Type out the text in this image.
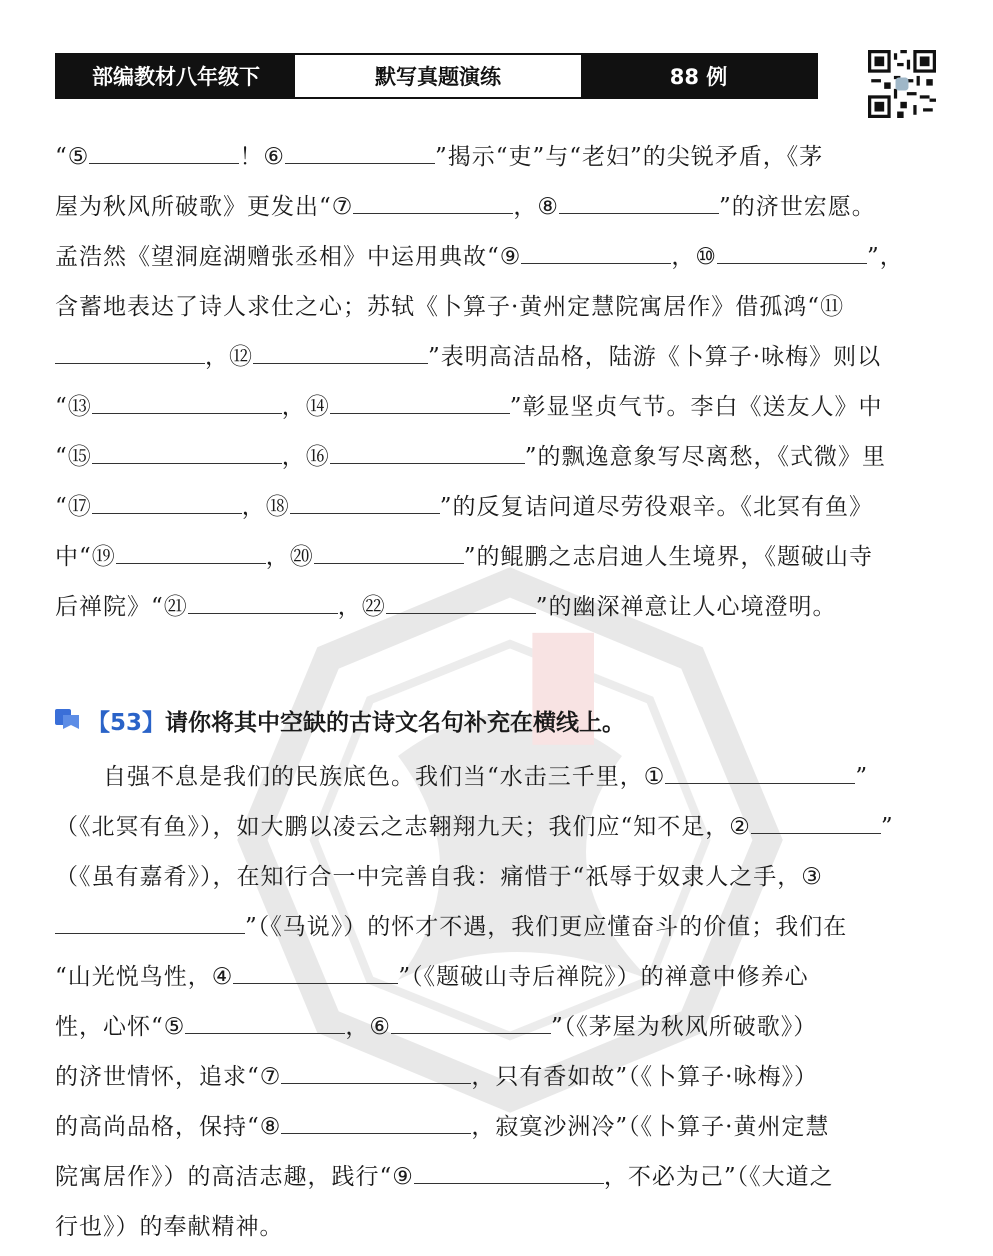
部编教材八年级下	默写真题演练	88 例
“⑤	！⑥	”揭示“吏”与“老妇”的尖锐矛盾，《茅
屋为秋风所破歌》更发出“⑦	，⑧	”的济世宏愿。
孟浩然《望洞庭湖赠张丞相》中运用典故“⑨	，⑩	”，
含蓄地表达了诗人求仕之心；苏轼《卜算子·黄州定慧院寓居作》借孤鸿“⑪
，⑫	”表明高洁品格，陆游《卜算子·咏梅》则以
“⑬	，⑭	”彰显坚贞气节。李白《送友人》中
“⑮	，⑯	”的飘逸意象写尽离愁，《式微》里
“⑰	，⑱	”的反复诘问道尽劳役艰辛。《北冥有鱼》
中“⑲	，⑳	”的鲲鹏之志启迪人生境界，《题破山寺
后禅院》“㉑	，㉒	”的幽深禅意让人心境澄明。
【53】 请你将其中空缺的古诗文名句补充在横线上。
　　自强不息是我们的民族底色。我们当“水击三千里，①	”
（《北冥有鱼》），如大鹏以凌云之志翱翔九天；我们应“知不足，②	”
（《虽有嘉肴》），在知行合一中完善自我：痛惜于“祇辱于奴隶人之手，③
”（《马说》）的怀才不遇，我们更应懂奋斗的价值；我们在
“山光悦鸟性，④	”（《题破山寺后禅院》）的禅意中修养心
性，心怀“⑤	，⑥	”（《茅屋为秋风所破歌》）
的济世情怀，追求“⑦	，只有香如故”（《卜算子·咏梅》）
的高尚品格，保持“⑧	，寂寞沙洲冷”（《卜算子·黄州定慧
院寓居作》）的高洁志趣，践行“⑨	，不必为己”（《大道之
行也》）的奉献精神。
